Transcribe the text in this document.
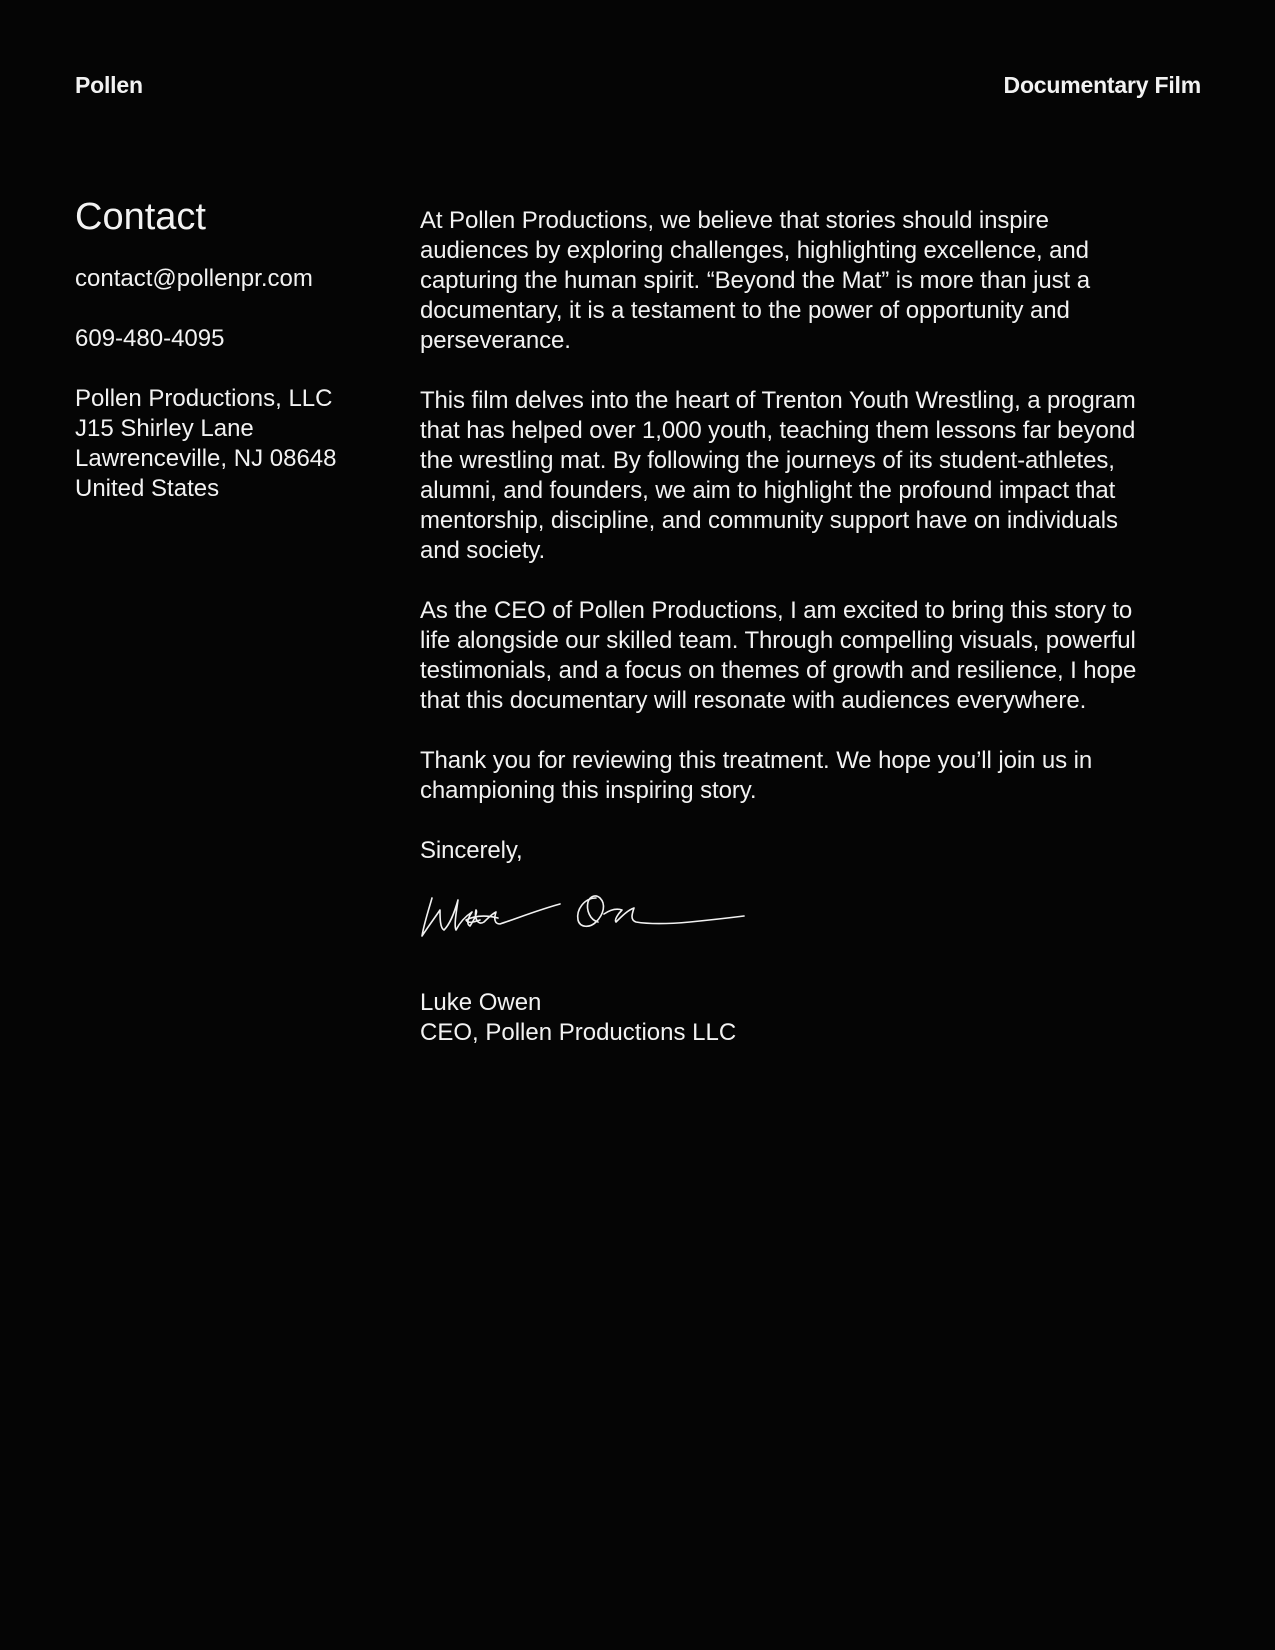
Pollen	Documentary Film
Contact

contact@pollenpr.com

609-480-4095

Pollen Productions, LLC

J15 Shirley Lane

Lawrenceville, NJ 08648

United States

At Pollen Productions, we believe that stories should inspire audiences by exploring challenges, highlighting excellence, and capturing the human spirit. “Beyond the Mat” is more than just a documentary, it is a testament to the power of opportunity and perseverance.

This film delves into the heart of Trenton Youth Wrestling, a program that has helped over 1,000 youth, teaching them lessons far beyond the wrestling mat. By following the journeys of its student-athletes, alumni, and founders, we aim to highlight the profound impact that mentorship, discipline, and community support have on individuals and society.

As the CEO of Pollen Productions, I am excited to bring this story to life alongside our skilled team. Through compelling visuals, powerful testimonials, and a focus on themes of growth and resilience, I hope that this documentary will resonate with audiences everywhere.

Thank you for reviewing this treatment. We hope you’ll join us in championing this inspiring story.

Sincerely,

Luke Owen

CEO, Pollen Productions LLC
